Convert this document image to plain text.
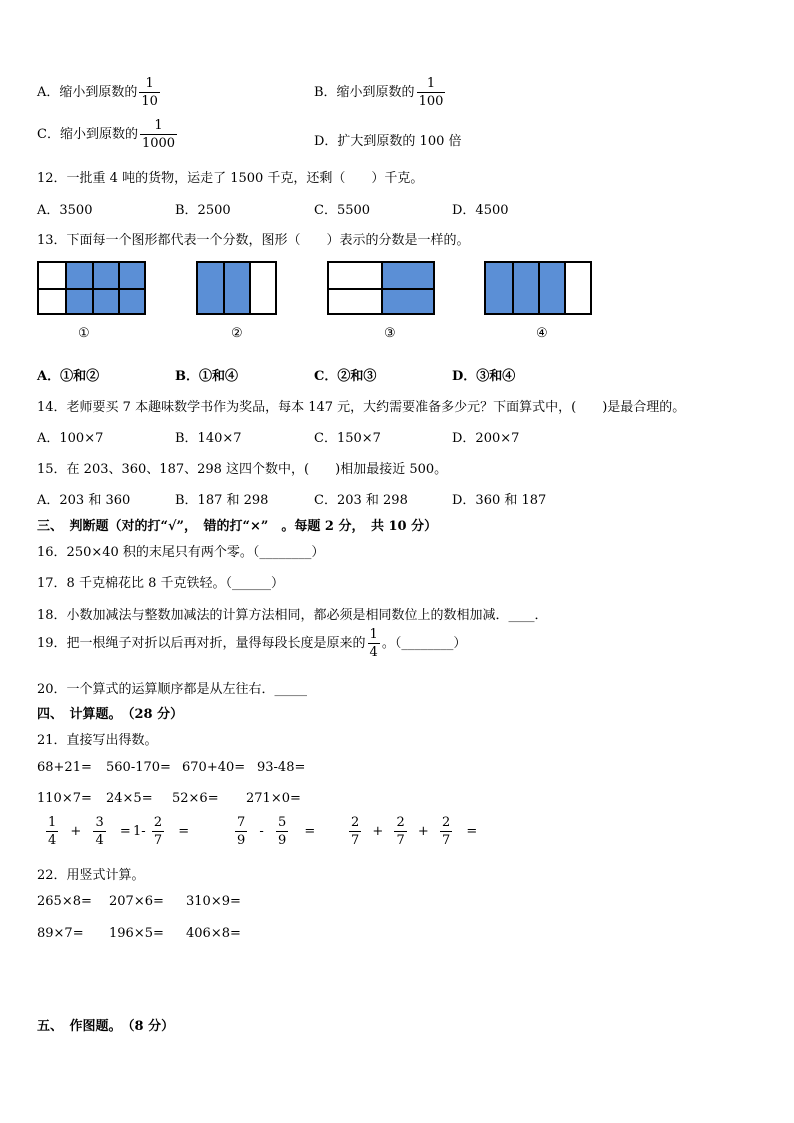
A．缩小到原数的 $\frac{1}{10}$	B．缩小到原数的 $\frac{1}{100}$
C．缩小到原数的 $\frac{1}{1000}$	D．扩大到原数的 100 倍
12．一批重 4 吨的货物，运走了 1500 千克，还剩（　　）千克。
A．3500	B．2500	C．5500	D．4500
13．下面每一个图形都代表一个分数，图形（　　）表示的分数是一样的。
①	②	③	④
A．①和②	B．①和④	C．②和③	D．③和④
14．老师要买 7 本趣味数学书作为奖品，每本 147 元，大约需要准备多少元？下面算式中，(　　)是最合理的。
A．100×7	B．140×7	C．150×7	D．200×7
15．在 203、360、187、298 这四个数中，(　　)相加最接近 500。
A．203 和 360	B．187 和 298	C．203 和 298	D．360 和 187
三、　判断题（对的打“√”，　错的打“×”　。每题 2 分，　共 10 分）
16．250×40 积的末尾只有两个零。（________）
17．8 千克棉花比 8 千克铁轻。（______）
18．小数加减法与整数加减法的计算方法相同，都必须是相同数位上的数相加减．____．
19．把一根绳子对折以后再对折，量得每段长度是原来的 $\frac{1}{4}$ 。（________）
20．一个算式的运算顺序都是从左往右．_____
四、　计算题。　（28 分）
21．直接写出得数。
68+21= 560-170= 670+40= 93-48=
110×7= 24×5= 52×6= 271×0=
$\frac{1}{4} + \frac{3}{4} = 1- \frac{2}{7}$ =	$\frac{7}{9} - \frac{5}{9}$ =	$\frac{2}{7} + \frac{2}{7} + \frac{2}{7}$ =
22．用竖式计算。
265×8= 207×6= 310×9=
89×7= 196×5= 406×8=
五、　作图题。　（8 分）
